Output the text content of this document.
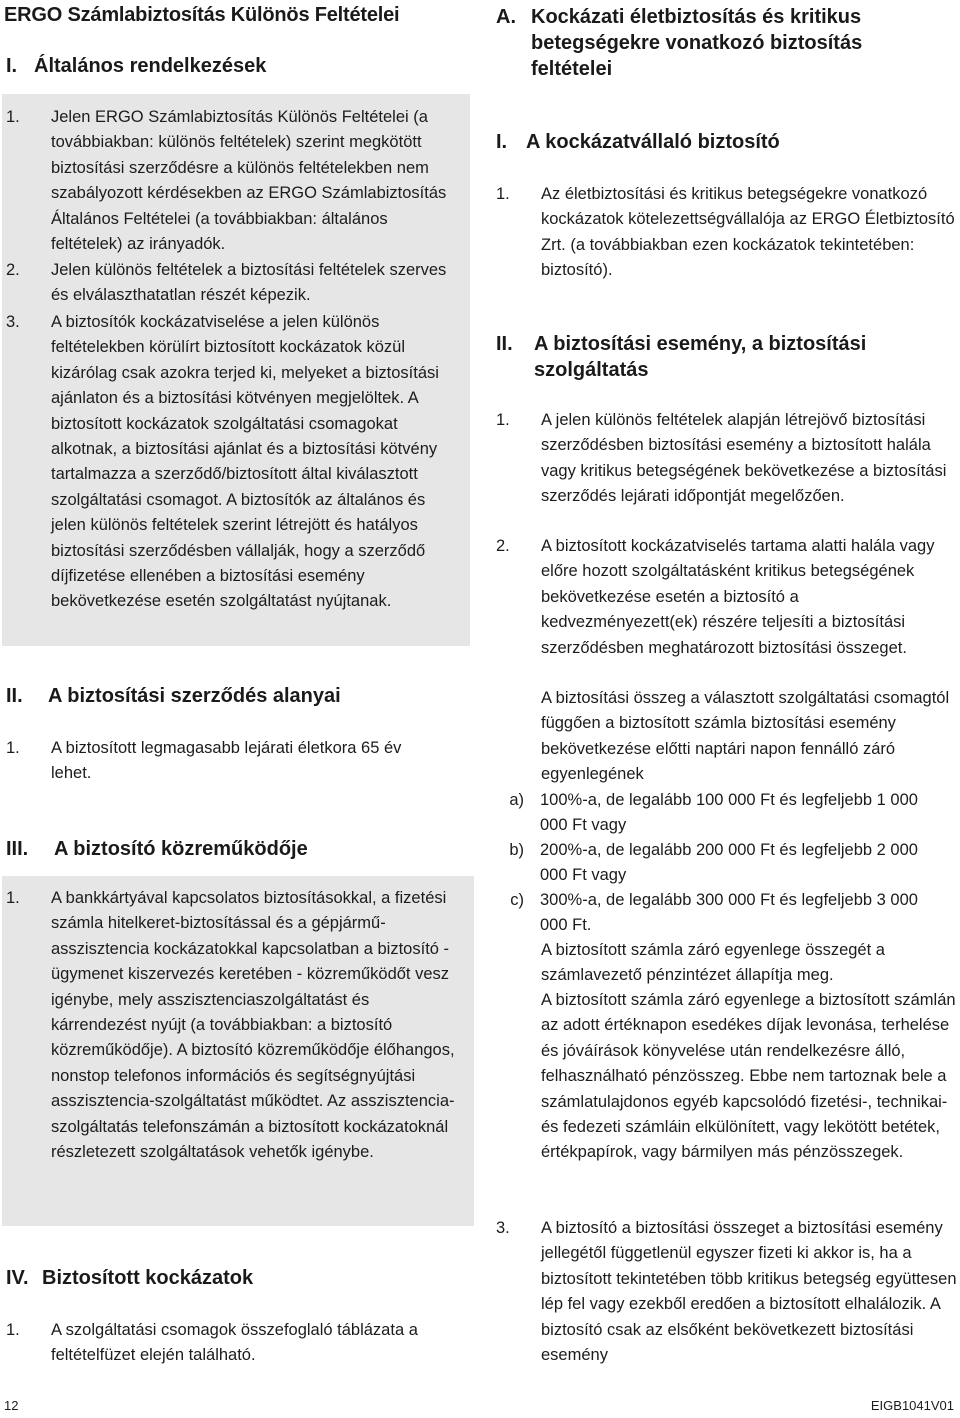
ERGO Számlabiztosítás Különös Feltételei
I. Általános rendelkezések
1. Jelen ERGO Számlabiztosítás Különös Feltételei (a továbbiakban: különös feltételek) szerint megkötött biztosítási szerződésre a különös feltételekben nem szabályozott kérdésekben az ERGO Számlabiztosítás Általános Feltételei (a továbbiakban: általános feltételek) az irányadók.
2. Jelen különös feltételek a biztosítási feltételek szerves és elválaszthatatlan részét képezik.
3. A biztosítók kockázatviselése a jelen különös feltételekben körülírt biztosított kockázatok közül kizárólag csak azokra terjed ki, melyeket a biztosítási ajánlaton és a biztosítási kötvényen megjelöltek. A biztosított kockázatok szolgáltatási csomagokat alkotnak, a biztosítási ajánlat és a biztosítási kötvény tartalmazza a szerződő/biztosított által kiválasztott szolgáltatási csomagot. A biztosítók az általános és jelen különös feltételek szerint létrejött és hatályos biztosítási szerződésben vállalják, hogy a szerződő díjfizetése ellenében a biztosítási esemény bekövetkezése esetén szolgáltatást nyújtanak.
II. A biztosítási szerződés alanyai
1. A biztosított legmagasabb lejárati életkora 65 év lehet.
III. A biztosító közreműködője
1. A bankkártyával kapcsolatos biztosításokkal, a fizetési számla hitelkeret-biztosítással és a gépjármű-asszisztencia kockázatokkal kapcsolatban a biztosító - ügymenet kiszervezés keretében - közreműködőt vesz igénybe, mely asszisztenciaszolgáltatást és kárrendezést nyújt (a továbbiakban: a biztosító közreműködője). A biztosító közreműködője élőhangos, nonstop telefonos információs és segítségnyújtási asszisztencia-szolgáltatást működtet. Az asszisztencia-szolgáltatás telefonszámán a biztosított kockázatoknál részletezett szolgáltatások vehetők igénybe.
IV. Biztosított kockázatok
1. A szolgáltatási csomagok összefoglaló táblázata a feltételfüzet elején található.
A. Kockázati életbiztosítás és kritikus betegségekre vonatkozó biztosítás feltételei
I. A kockázatvállaló biztosító
1. Az életbiztosítási és kritikus betegségekre vonatkozó kockázatok kötelezettségvállalója az ERGO Életbiztosító Zrt. (a továbbiakban ezen kockázatok tekintetében: biztosító).
II. A biztosítási esemény, a biztosítási szolgáltatás
1. A jelen különös feltételek alapján létrejövő biztosítási szerződésben biztosítási esemény a biztosított halála vagy kritikus betegségének bekövetkezése a biztosítási szerződés lejárati időpontját megelőzően.
2. A biztosított kockázatviselés tartama alatti halála vagy előre hozott szolgáltatásként kritikus betegségének bekövetkezése esetén a biztosító a kedvezményezett(ek) részére teljesíti a biztosítási szerződésben meghatározott biztosítási összeget.
A biztosítási összeg a választott szolgáltatási csomagtól függően a biztosított számla biztosítási esemény bekövetkezése előtti naptári napon fennálló záró egyenlegének
a) 100%-a, de legalább 100 000 Ft és legfeljebb 1 000 000 Ft vagy
b) 200%-a, de legalább 200 000 Ft és legfeljebb 2 000 000 Ft vagy
c) 300%-a, de legalább 300 000 Ft és legfeljebb 3 000 000 Ft.
A biztosított számla záró egyenlege összegét a számlavezető pénzintézet állapítja meg.
A biztosított számla záró egyenlege a biztosított számlán az adott értéknapon esedékes díjak levonása, terhelése és jóváírások könyvelése után rendelkezésre álló, felhasználható pénzösszeg. Ebbe nem tartoznak bele a számlatulajdonos egyéb kapcsolódó fizetési-, technikai- és fedezeti számláin elkülönített, vagy lekötött betétek, értékpapírok, vagy bármilyen más pénzösszegek.
3. A biztosító a biztosítási összeget a biztosítási esemény jellegétől függetlenül egyszer fizeti ki akkor is, ha a biztosított tekintetében több kritikus betegség együttesen lép fel vagy ezekből eredően a biztosított elhalálozik. A biztosító csak az elsőként bekövetkezett biztosítási esemény
12	EIGB1041V01
